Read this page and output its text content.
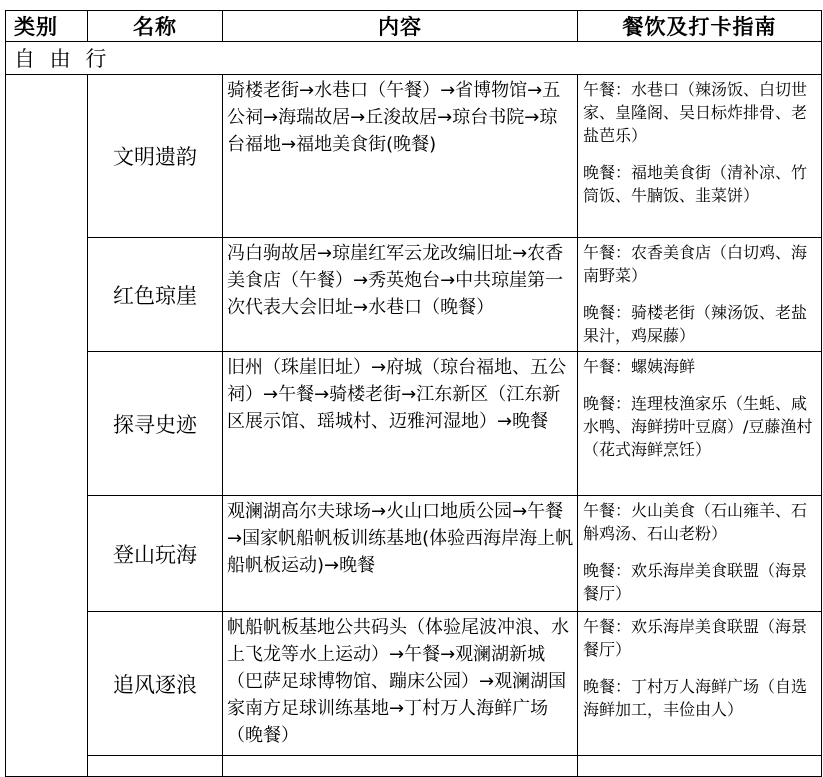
类别	名称	内容	餐饮及打卡指南
自 由 行			
	文明遗韵	骑楼老街→水巷口（午餐）→省博物馆→五公祠→海瑞故居→丘浚故居→琼台书院→琼台福地→福地美食街(晚餐)	午餐：水巷口（辣汤饭、白切世家、皇隆阁、吴日标炸排骨、老盐芭乐）
晚餐：福地美食街（清补凉、竹筒饭、牛腩饭、韭菜饼）

	红色琼崖	冯白驹故居→琼崖红军云龙改编旧址→农香美食店（午餐）→秀英炮台→中共琼崖第一次代表大会旧址→水巷口（晚餐）	午餐：农香美食店（白切鸡、海南野菜）
晚餐：骑楼老街（辣汤饭、老盐果汁，鸡屎藤）

	探寻史迹	旧州（珠崖旧址）→府城（琼台福地、五公祠）→午餐→骑楼老街→江东新区（江东新区展示馆、瑶城村、迈雅河湿地）→晚餐	午餐：螺姨海鲜
晚餐：连理枝渔家乐（生蚝、咸水鸭、海鲜捞叶豆腐）/豆藤渔村（花式海鲜烹饪）

	登山玩海	观澜湖高尔夫球场→火山口地质公园→午餐→国家帆船帆板训练基地(体验西海岸海上帆船帆板运动)→晚餐	午餐：火山美食（石山雍羊、石斛鸡汤、石山老粉）
晚餐：欢乐海岸美食联盟（海景餐厅）

	追风逐浪	帆船帆板基地公共码头（体验尾波冲浪、水上飞龙等水上运动）→午餐→观澜湖新城（巴萨足球博物馆、蹦床公园）→观澜湖国家南方足球训练基地→丁村万人海鲜广场（晚餐）	午餐：欢乐海岸美食联盟（海景餐厅）
晚餐：丁村万人海鲜广场（自选海鲜加工，丰俭由人）
